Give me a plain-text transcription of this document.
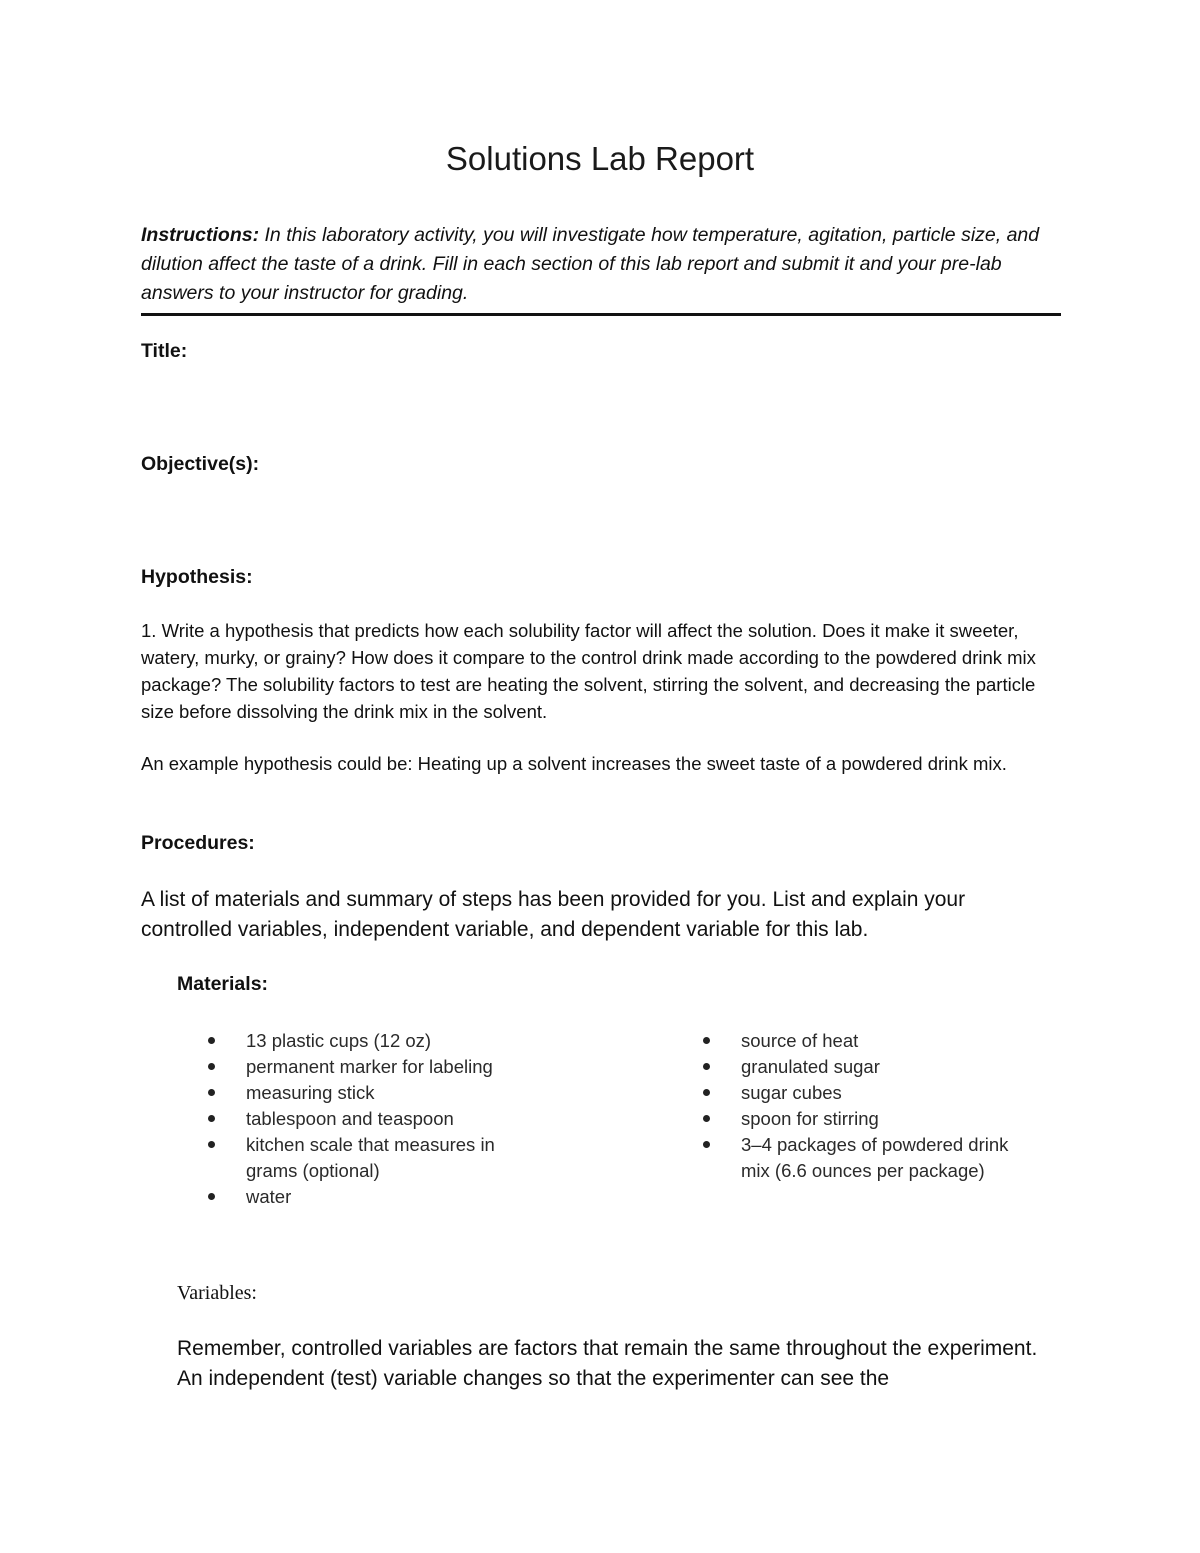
Solutions Lab Report
Instructions: In this laboratory activity, you will investigate how temperature, agitation, particle size, and dilution affect the taste of a drink. Fill in each section of this lab report and submit it and your pre-lab answers to your instructor for grading.
Title:
Objective(s):
Hypothesis:
1. Write a hypothesis that predicts how each solubility factor will affect the solution. Does it make it sweeter, watery, murky, or grainy? How does it compare to the control drink made according to the powdered drink mix package? The solubility factors to test are heating the solvent, stirring the solvent, and decreasing the particle size before dissolving the drink mix in the solvent.
An example hypothesis could be: Heating up a solvent increases the sweet taste of a powdered drink mix.
Procedures:
A list of materials and summary of steps has been provided for you. List and explain your controlled variables, independent variable, and dependent variable for this lab.
Materials:
13 plastic cups (12 oz)
permanent marker for labeling
measuring stick
tablespoon and teaspoon
kitchen scale that measures in grams (optional)
water
source of heat
granulated sugar
sugar cubes
spoon for stirring
3–4 packages of powdered drink mix (6.6 ounces per package)
Variables:
Remember, controlled variables are factors that remain the same throughout the experiment. An independent (test) variable changes so that the experimenter can see the
